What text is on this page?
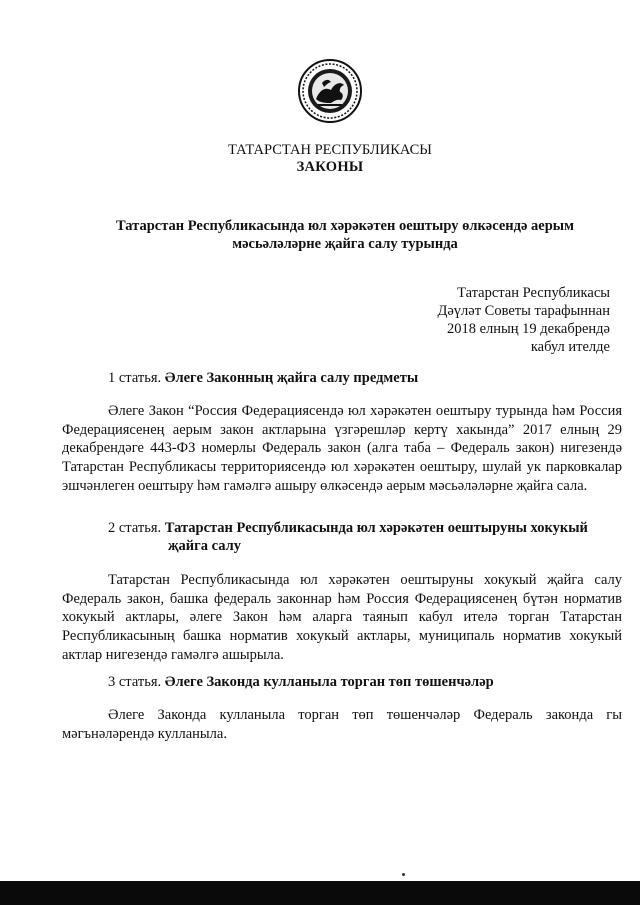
ТАТАРСТАН РЕСПУБЛИКАСЫ
ЗАКОНЫ
Татарстан Республикасында юл хәрәкәтен оештыру өлкәсендә аерым мәсьәләләрне җайга салу турында
Татарстан Республикасы
Дәүләт Советы тарафыннан
2018 елның 19 декабрендә
кабул ителде
1 статья. Әлеге Законның җайга салу предметы
Әлеге Закон “Россия Федерациясендә юл хәрәкәтен оештыру турында һәм Россия Федерациясенең аерым закон актларына үзгәрешләр кертү хакында” 2017 елның 29 декабрендәге 443-ФЗ номерлы Федераль закон (алга таба – Федераль закон) нигезендә Татарстан Республикасы территориясендә юл хәрәкәтен оештыру, шулай ук парковкалар эшчәнлеген оештыру һәм гамәлгә ашыру өлкәсендә аерым мәсьәләләрне җайга сала.
2 статья. Татарстан Республикасында юл хәрәкәтен оештыруны хокукый
җайга салу
Татарстан Республикасында юл хәрәкәтен оештыруны хокукый җайга салу Федераль закон, башка федераль законнар һәм Россия Федерациясенең бүтән норматив хокукый актлары, әлеге Закон һәм аларга таянып кабул ителә торган Татарстан Республикасының башка норматив хокукый актлары, муниципаль норматив хокукый актлар нигезендә гамәлгә ашырыла.
3 статья. Әлеге Законда кулланыла торган төп төшенчәләр
Әлеге Законда кулланыла торган төп төшенчәләр Федераль законда гы мәгънәләрендә кулланыла.
